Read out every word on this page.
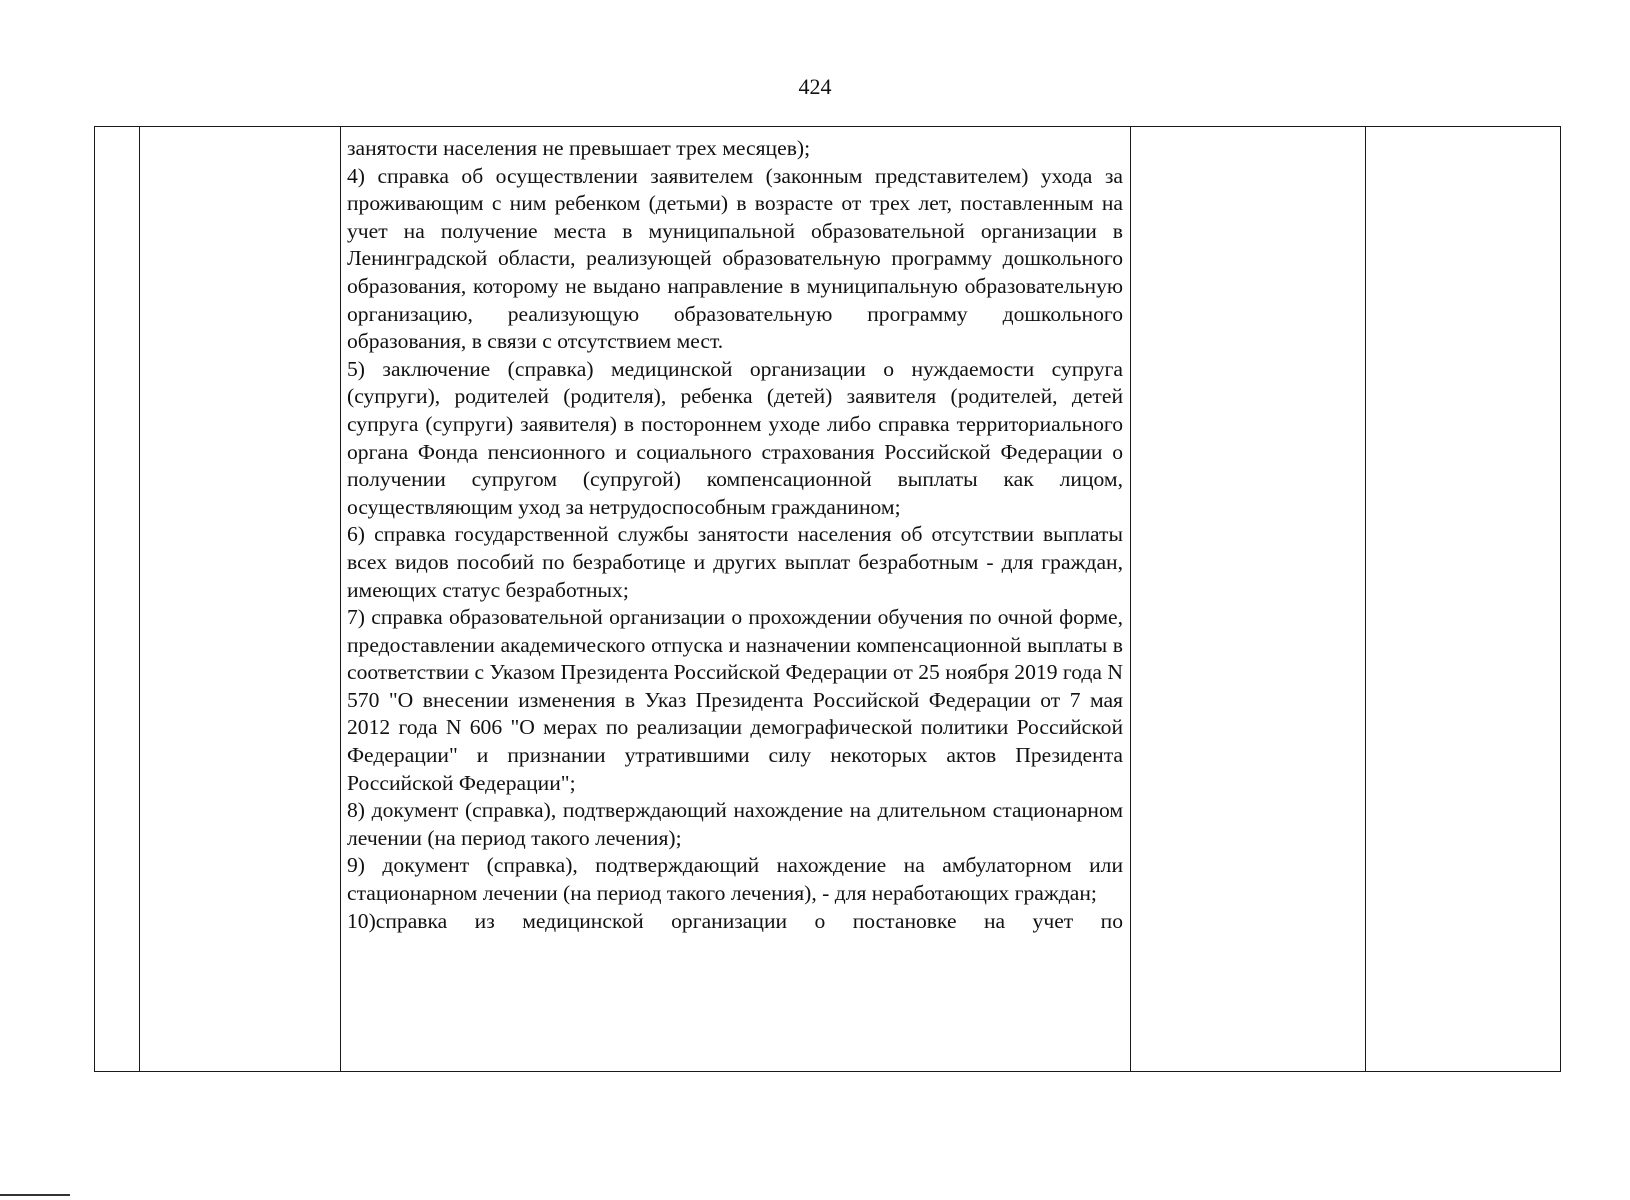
424

занятости населения не превышает трех месяцев);

4) справка об осуществлении заявителем (законным представителем) ухода за проживающим с ним ребенком (детьми) в возрасте от трех лет, поставленным на учет на получение места в муниципальной образовательной организации в Ленинградской области, реализующей образовательную программу дошкольного образования, которому не выдано направление в муниципальную образовательную организацию, реализующую образовательную программу дошкольного образования, в связи с отсутствием мест.

5) заключение (справка) медицинской организации о нуждаемости супруга (супруги), родителей (родителя), ребенка (детей) заявителя (родителей, детей супруга (супруги) заявителя) в постороннем уходе либо справка территориального органа Фонда пенсионного и социального страхования Российской Федерации о получении супругом (супругой) компенсационной выплаты как лицом, осуществляющим уход за нетрудоспособным гражданином;

6) справка государственной службы занятости населения об отсутствии выплаты всех видов пособий по безработице и других выплат безработным - для граждан, имеющих статус безработных;

7) справка образовательной организации о прохождении обучения по очной форме, предоставлении академического отпуска и назначении компенсационной выплаты в соответствии с Указом Президента Российской Федерации от 25 ноября 2019 года N 570 "О внесении изменения в Указ Президента Российской Федерации от 7 мая 2012 года N 606 "О мерах по реализации демографической политики Российской Федерации" и признании утратившими силу некоторых актов Президента Российской Федерации";

8) документ (справка), подтверждающий нахождение на длительном стационарном лечении (на период такого лечения);

9) документ (справка), подтверждающий нахождение на амбулаторном или стационарном лечении (на период такого лечения), - для неработающих граждан;

10)справка из медицинской организации о постановке на учет по
